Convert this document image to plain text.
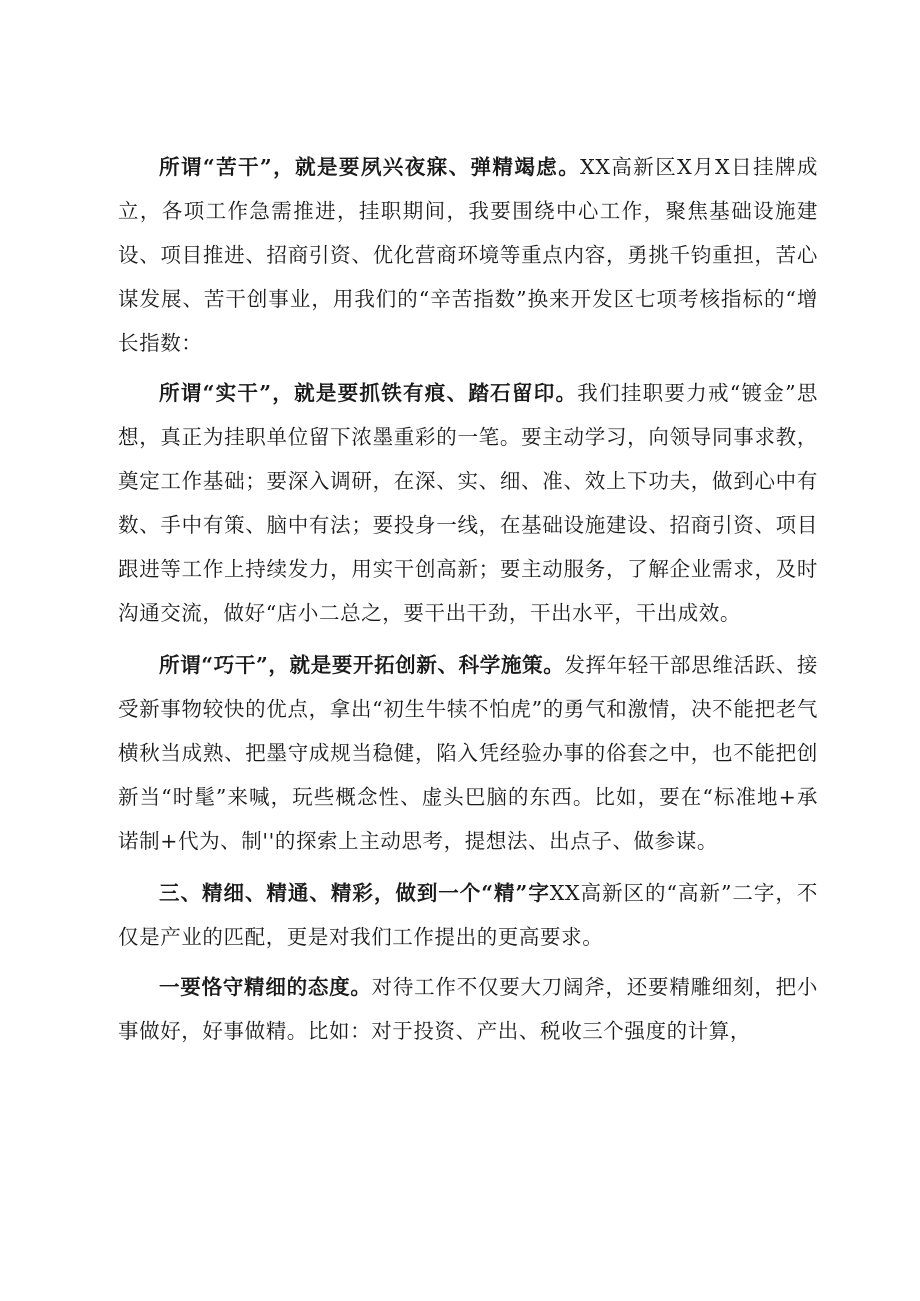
所谓“苦干”，就是要夙兴夜寐、弹精竭虑。XX高新区X月X日挂牌成立，各项工作急需推进，挂职期间，我要围绕中心工作，聚焦基础设施建设、项目推进、招商引资、优化营商环境等重点内容，勇挑千钧重担，苦心谋发展、苦干创事业，用我们的“辛苦指数”换来开发区七项考核指标的“增长指数：

所谓“实干”，就是要抓铁有痕、踏石留印。我们挂职要力戒“镀金”思想，真正为挂职单位留下浓墨重彩的一笔。要主动学习，向领导同事求教，奠定工作基础；要深入调研，在深、实、细、准、效上下功夫，做到心中有数、手中有策、脑中有法；要投身一线，在基础设施建设、招商引资、项目跟进等工作上持续发力，用实干创高新；要主动服务，了解企业需求，及时沟通交流，做好“店小二总之，要干出干劲，干出水平，干出成效。

所谓“巧干”，就是要开拓创新、科学施策。发挥年轻干部思维活跃、接受新事物较快的优点，拿出“初生牛犊不怕虎”的勇气和激情，决不能把老气横秋当成熟、把墨守成规当稳健，陷入凭经验办事的俗套之中，也不能把创新当“时髦”来喊，玩些概念性、虚头巴脑的东西。比如，要在“标准地+承诺制+代为、制''的探索上主动思考，提想法、出点子、做参谋。

三、精细、精通、精彩，做到一个“精”字XX高新区的“高新”二字，不仅是产业的匹配，更是对我们工作提出的更高要求。

一要恪守精细的态度。对待工作不仅要大刀阔斧，还要精雕细刻，把小事做好，好事做精。比如：对于投资、产出、税收三个强度的计算，
